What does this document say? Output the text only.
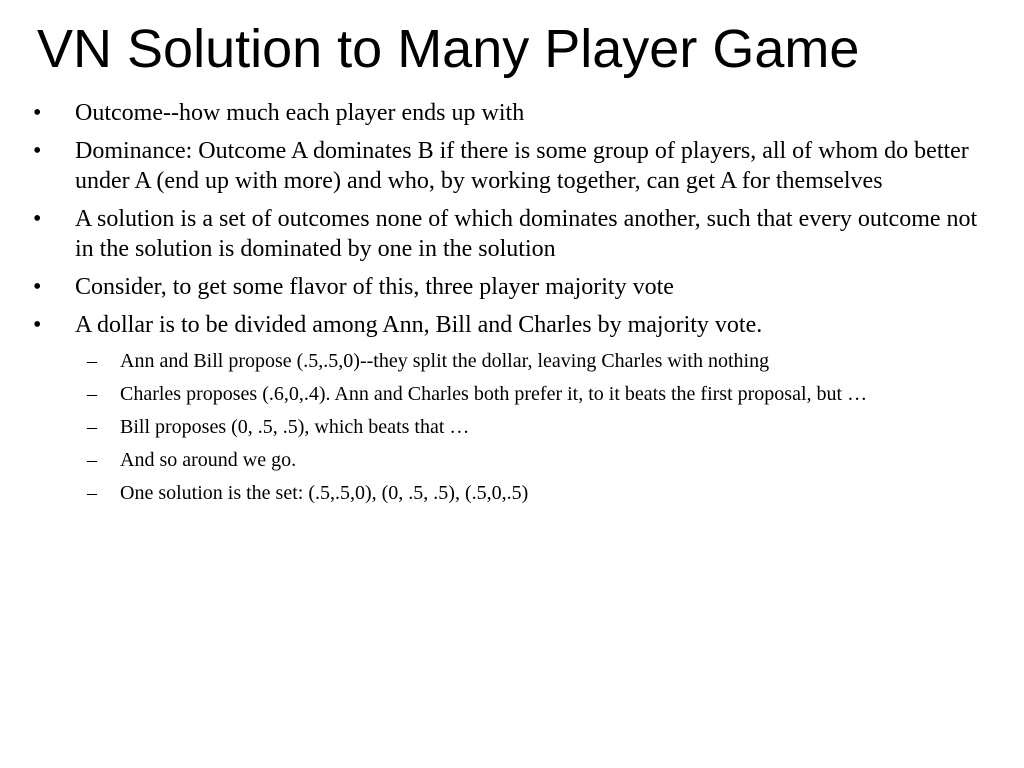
VN Solution to Many Player Game
• Outcome--how much each player ends up with
• Dominance: Outcome A dominates B if there is some group of players, all of whom do better under A (end up with more) and who, by working together, can get A for themselves
• A solution is a set of outcomes none of which dominates another, such that every outcome not in the solution is dominated by one in the solution
• Consider, to get some flavor of this, three player majority vote
• A dollar is to be divided among Ann, Bill and Charles by majority vote.
– Ann and Bill propose (.5,.5,0)--they split the dollar, leaving Charles with nothing
– Charles proposes (.6,0,.4). Ann and Charles both prefer it, to it beats the first proposal, but …
– Bill proposes (0, .5, .5), which beats that …
– And so around we go.
– One solution is the set: (.5,.5,0), (0, .5, .5), (.5,0,.5)
